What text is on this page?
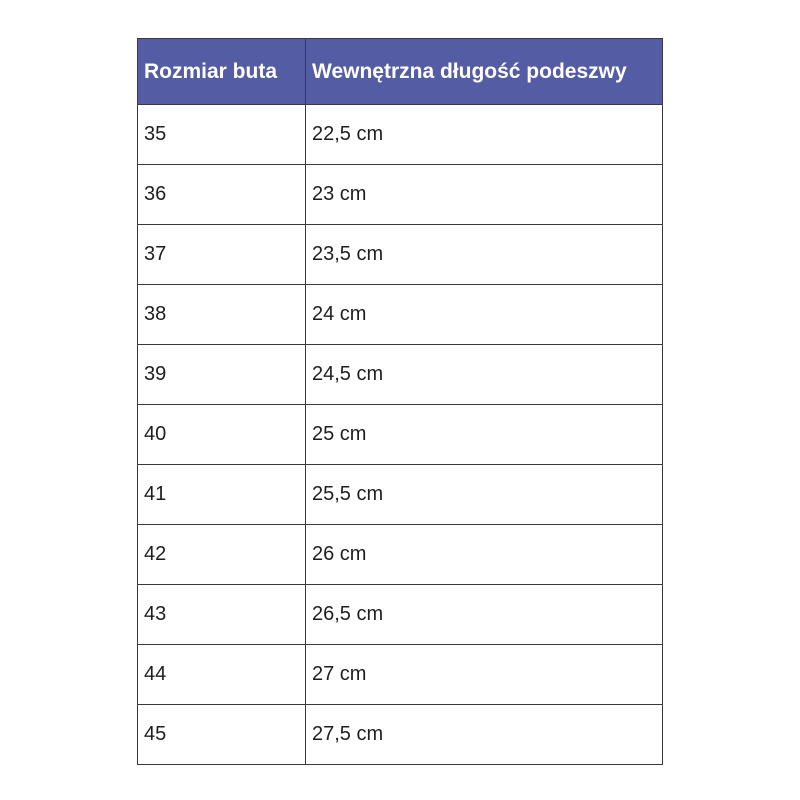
Rozmiar buta	Wewnętrzna długość podeszwy
35	22,5 cm
36	23 cm
37	23,5 cm
38	24 cm
39	24,5 cm
40	25 cm
41	25,5 cm
42	26 cm
43	26,5 cm
44	27 cm
45	27,5 cm
